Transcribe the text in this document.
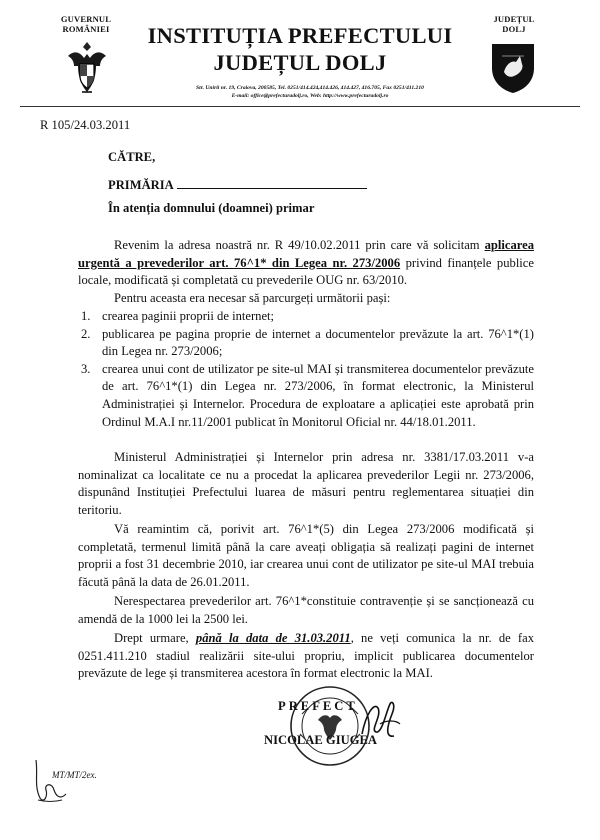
GUVERNUL
ROMÂNIEI	INSTITUȚIA PREFECTULUI
JUDEȚUL DOLJ
JUDEȚUL
DOLJ
Str. Unirii nr. 19, Craiova, 200585, Tel. 0251/414.424,414.426, 414.427, 416.705, Fax 0251/411.210
E-mail: office@prefecturadolj.ro, Web: http://www.prefecturadolj.ro
R 105/24.03.2011
CĂTRE,
PRIMĂRIA
În atenția domnului (doamnei) primar
Revenim la adresa noastră nr. R 49/10.02.2011 prin care vă solicitam aplicarea urgentă a prevederilor art. 76^1* din Legea nr. 273/2006 privind finanțele publice locale, modificată și completată cu prevederile OUG nr. 63/2010.
Pentru aceasta era necesar să parcurgeți următorii pași:
1. crearea paginii proprii de internet;
2. publicarea pe pagina proprie de internet a documentelor prevăzute la art. 76^1*(1) din Legea nr. 273/2006;
3. crearea unui cont de utilizator pe site-ul MAI și transmiterea documentelor prevăzute de art. 76^1*(1) din Legea nr. 273/2006, în format electronic, la Ministerul Administrației și Internelor. Procedura de exploatare a aplicației este aprobată prin Ordinul M.A.I nr.11/2001 publicat în Monitorul Oficial nr. 44/18.01.2011.
Ministerul Administrației și Internelor prin adresa nr. 3381/17.03.2011 v-a nominalizat ca localitate ce nu a procedat la aplicarea prevederilor Legii nr. 273/2006, dispunând Instituției Prefectului luarea de măsuri pentru reglementarea situației din teritoriu.
Vă reamintim că, porivit art. 76^1*(5) din Legea 273/2006 modificată și completată, termenul limită până la care aveați obligația să realizați pagini de internet proprii a fost 31 decembrie 2010, iar crearea unui cont de utilizator pe site-ul MAI trebuia făcută până la data de 26.01.2011.
Nerespectarea prevederilor art. 76^1*constituie contravenție și se sancționează cu amendă de la 1000 lei la 2500 lei.
Drept urmare, până la data de 31.03.2011, ne veți comunica la nr. de fax 0251.411.210 stadiul realizării site-ului propriu, implicit publicarea documentelor prevăzute de lege și transmiterea acestora în format electronic la MAI.
PREFECT
NICOLAE GIUGEA
MT/MT/2ex.
